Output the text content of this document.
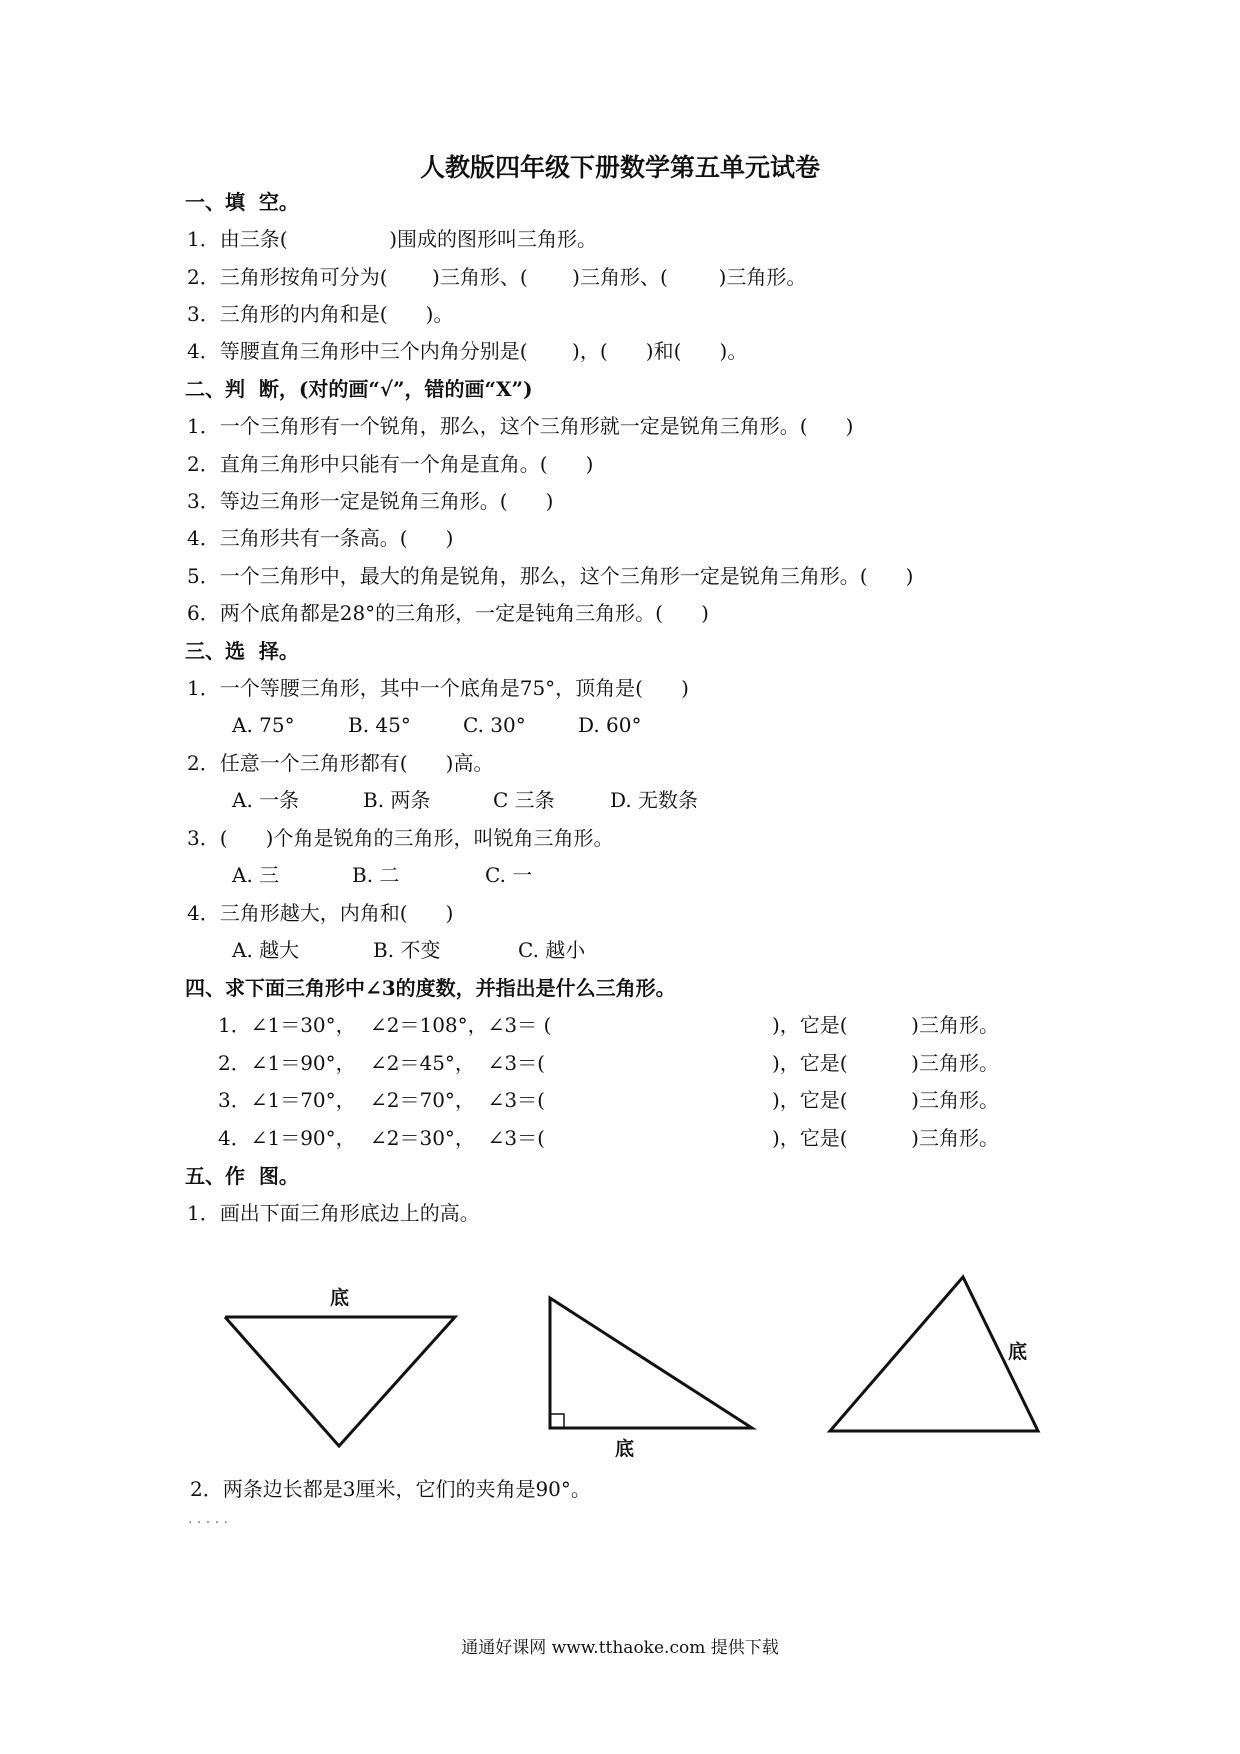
人教版四年级下册数学第五单元试卷
一、填  空。
1．由三条(                )围成的图形叫三角形。
2．三角形按角可分为(       )三角形、(       )三角形、(        )三角形。
3．三角形的内角和是(      )。
4．等腰直角三角形中三个内角分别是(       )，(      )和(      )。
二、判  断，(对的画“√”，错的画“X”)
1．一个三角形有一个锐角，那么，这个三角形就一定是锐角三角形。(      )
2．直角三角形中只能有一个角是直角。(      )
3．等边三角形一定是锐角三角形。(      )
4．三角形共有一条高。(      )
5．一个三角形中，最大的角是锐角，那么，这个三角形一定是锐角三角形。(      )
6．两个底角都是28°的三角形，一定是钝角三角形。(      )
三、选  择。
1．一个等腰三角形，其中一个底角是75°，顶角是(      )
A. 75°	B. 45°	C. 30°	D. 60°
2．任意一个三角形都有(      )高。
A. 一条	B. 两条	C 三条	D. 无数条
3．(      )个角是锐角的三角形，叫锐角三角形。
A. 三	B. 二	C. 一
4．三角形越大，内角和(      )
A. 越大	B. 不变	C. 越小
四、求下面三角形中∠3的度数，并指出是什么三角形。
1．∠1＝30°， ∠2＝108°，∠3＝ (	)，它是(          )三角形。
2．∠1＝90°， ∠2＝45°，  ∠3＝(	)，它是(          )三角形。
3．∠1＝70°， ∠2＝70°，  ∠3＝(	)，它是(          )三角形。
4．∠1＝90°， ∠2＝30°，  ∠3＝(	)，它是(          )三角形。
五、作  图。
1．画出下面三角形底边上的高。
底
底
底
2．两条边长都是3厘米，它们的夹角是90°。
· · · · ·
通通好课网 www.tthaoke.com 提供下载
